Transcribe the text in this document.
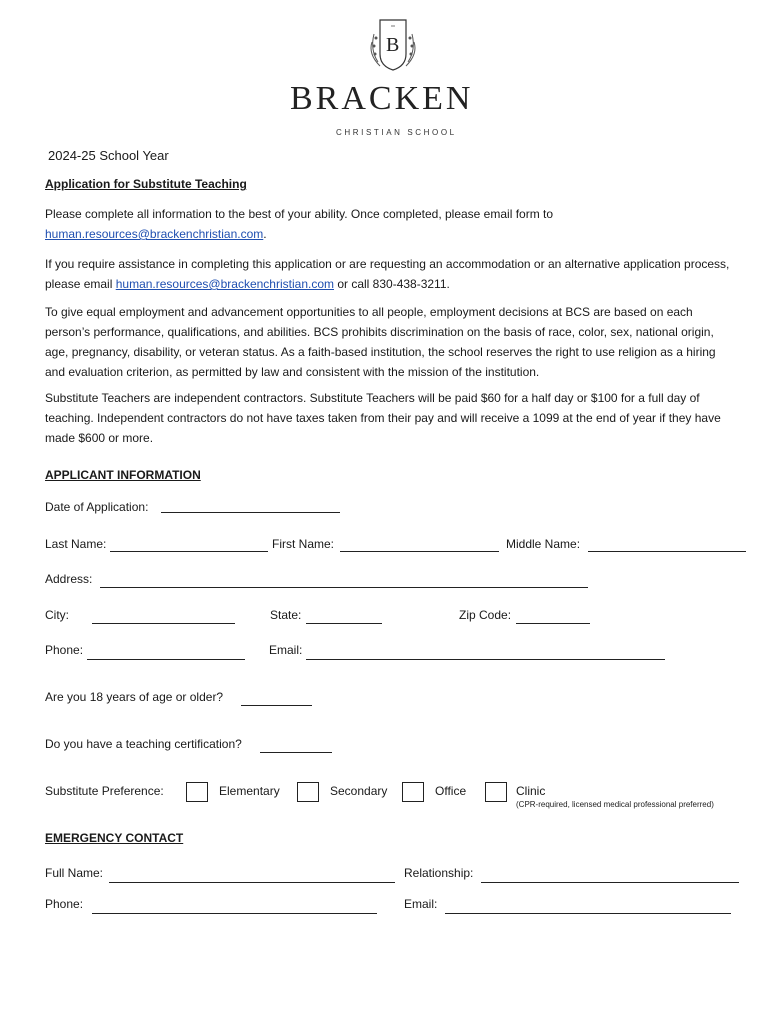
B
BRACKEN
CHRISTIAN SCHOOL
2024-25 School Year
Application for Substitute Teaching
Please complete all information to the best of your ability. Once completed, please email form to
human.resources@brackenchristian.com.
If you require assistance in completing this application or are requesting an accommodation or an alternative application process, please email human.resources@brackenchristian.com or call 830-438-3211.
To give equal employment and advancement opportunities to all people, employment decisions at BCS are based on each person’s performance, qualifications, and abilities. BCS prohibits discrimination on the basis of race, color, sex, national origin, age, pregnancy, disability, or veteran status. As a faith-based institution, the school reserves the right to use religion as a hiring and evaluation criterion, as permitted by law and consistent with the mission of the institution.
Substitute Teachers are independent contractors. Substitute Teachers will be paid $60 for a half day or $100 for a full day of teaching. Independent contractors do not have taxes taken from their pay and will receive a 1099 at the end of year if they have made $600 or more.
APPLICANT INFORMATION
Date of Application:
Last Name:	First Name:	Middle Name:
Address:
City:	State:	Zip Code:
Phone:	Email:
Are you 18 years of age or older?
Do you have a teaching certification?
Substitute Preference:	Elementary	Secondary	Office	Clinic
(CPR-required, licensed medical professional preferred)
EMERGENCY CONTACT
Full Name:	Relationship:
Phone:	Email:
